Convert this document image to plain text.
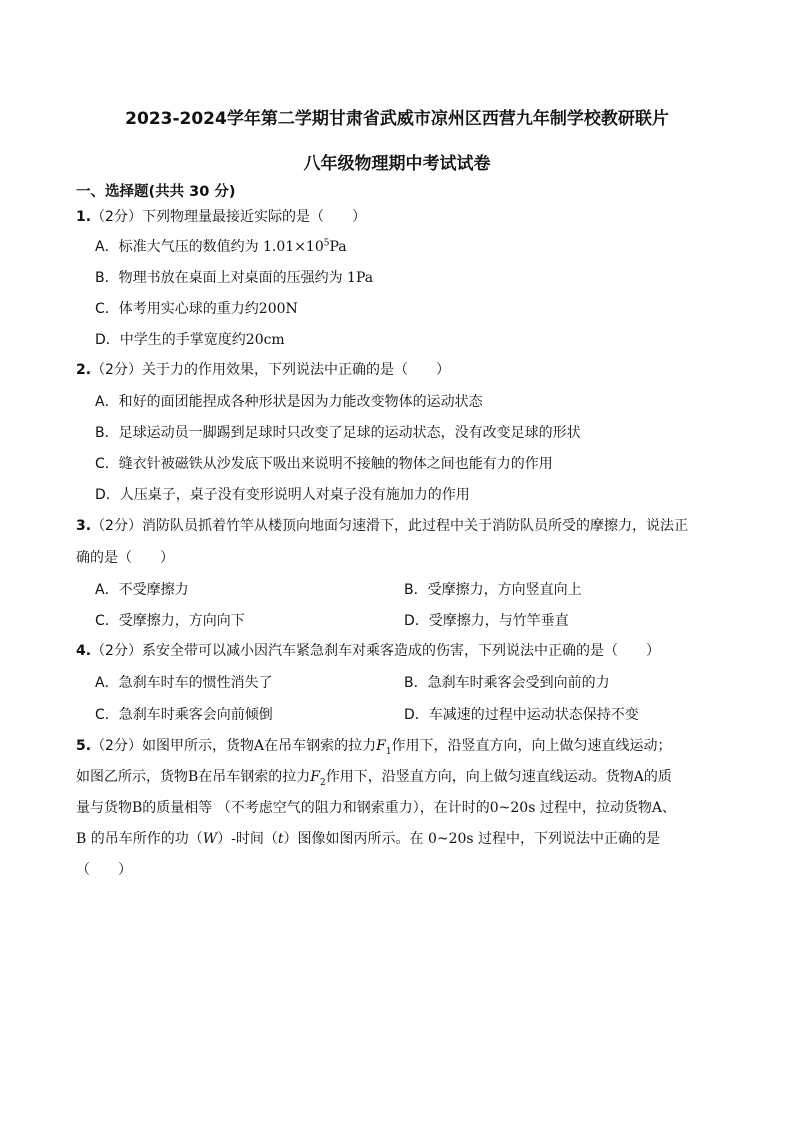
2023-2024学年第二学期甘肃省武威市凉州区西营九年制学校教研联片
八年级物理期中考试试卷
一、选择题(共共 30 分)
1.（2分）下列物理量最接近实际的是（　　）
A．标准大气压的数值约为 $1.01\times 10^5Pa$
B．物理书放在桌面上对桌面的压强约为 1Pa
C．体考用实心球的重力约200N
D．中学生的手掌宽度约20cm
2.（2分）关于力的作用效果，下列说法中正确的是（　　）
A．和好的面团能捏成各种形状是因为力能改变物体的运动状态
B．足球运动员一脚踢到足球时只改变了足球的运动状态，没有改变足球的形状
C．缝衣针被磁铁从沙发底下吸出来说明不接触的物体之间也能有力的作用
D．人压桌子，桌子没有变形说明人对桌子没有施加力的作用
3.（2分）消防队员抓着竹竿从楼顶向地面匀速滑下，此过程中关于消防队员所受的摩擦力，说法正
确的是（　　）
A．不受摩擦力	B．受摩擦力，方向竖直向上
C．受摩擦力，方向向下	D．受摩擦力，与竹竿垂直
4.（2分）系安全带可以减小因汽车紧急刹车对乘客造成的伤害，下列说法中正确的是（　　）
A．急刹车时车的惯性消失了	B．急刹车时乘客会受到向前的力
C．急刹车时乘客会向前倾倒	D．车减速的过程中运动状态保持不变
5.（2分）如图甲所示，货物A在吊车钢索的拉力$F_1$作用下，沿竖直方向，向上做匀速直线运动；
如图乙所示，货物B在吊车钢索的拉力$F_2$作用下，沿竖直方向，向上做匀速直线运动。货物A的质
量与货物B的质量相等 （不考虑空气的阻力和钢索重力），在计时的0~20s 过程中，拉动货物A、
B 的吊车所作的功（W）-时间（t）图像如图丙所示。在 0~20s 过程中，下列说法中正确的是
（　　）
